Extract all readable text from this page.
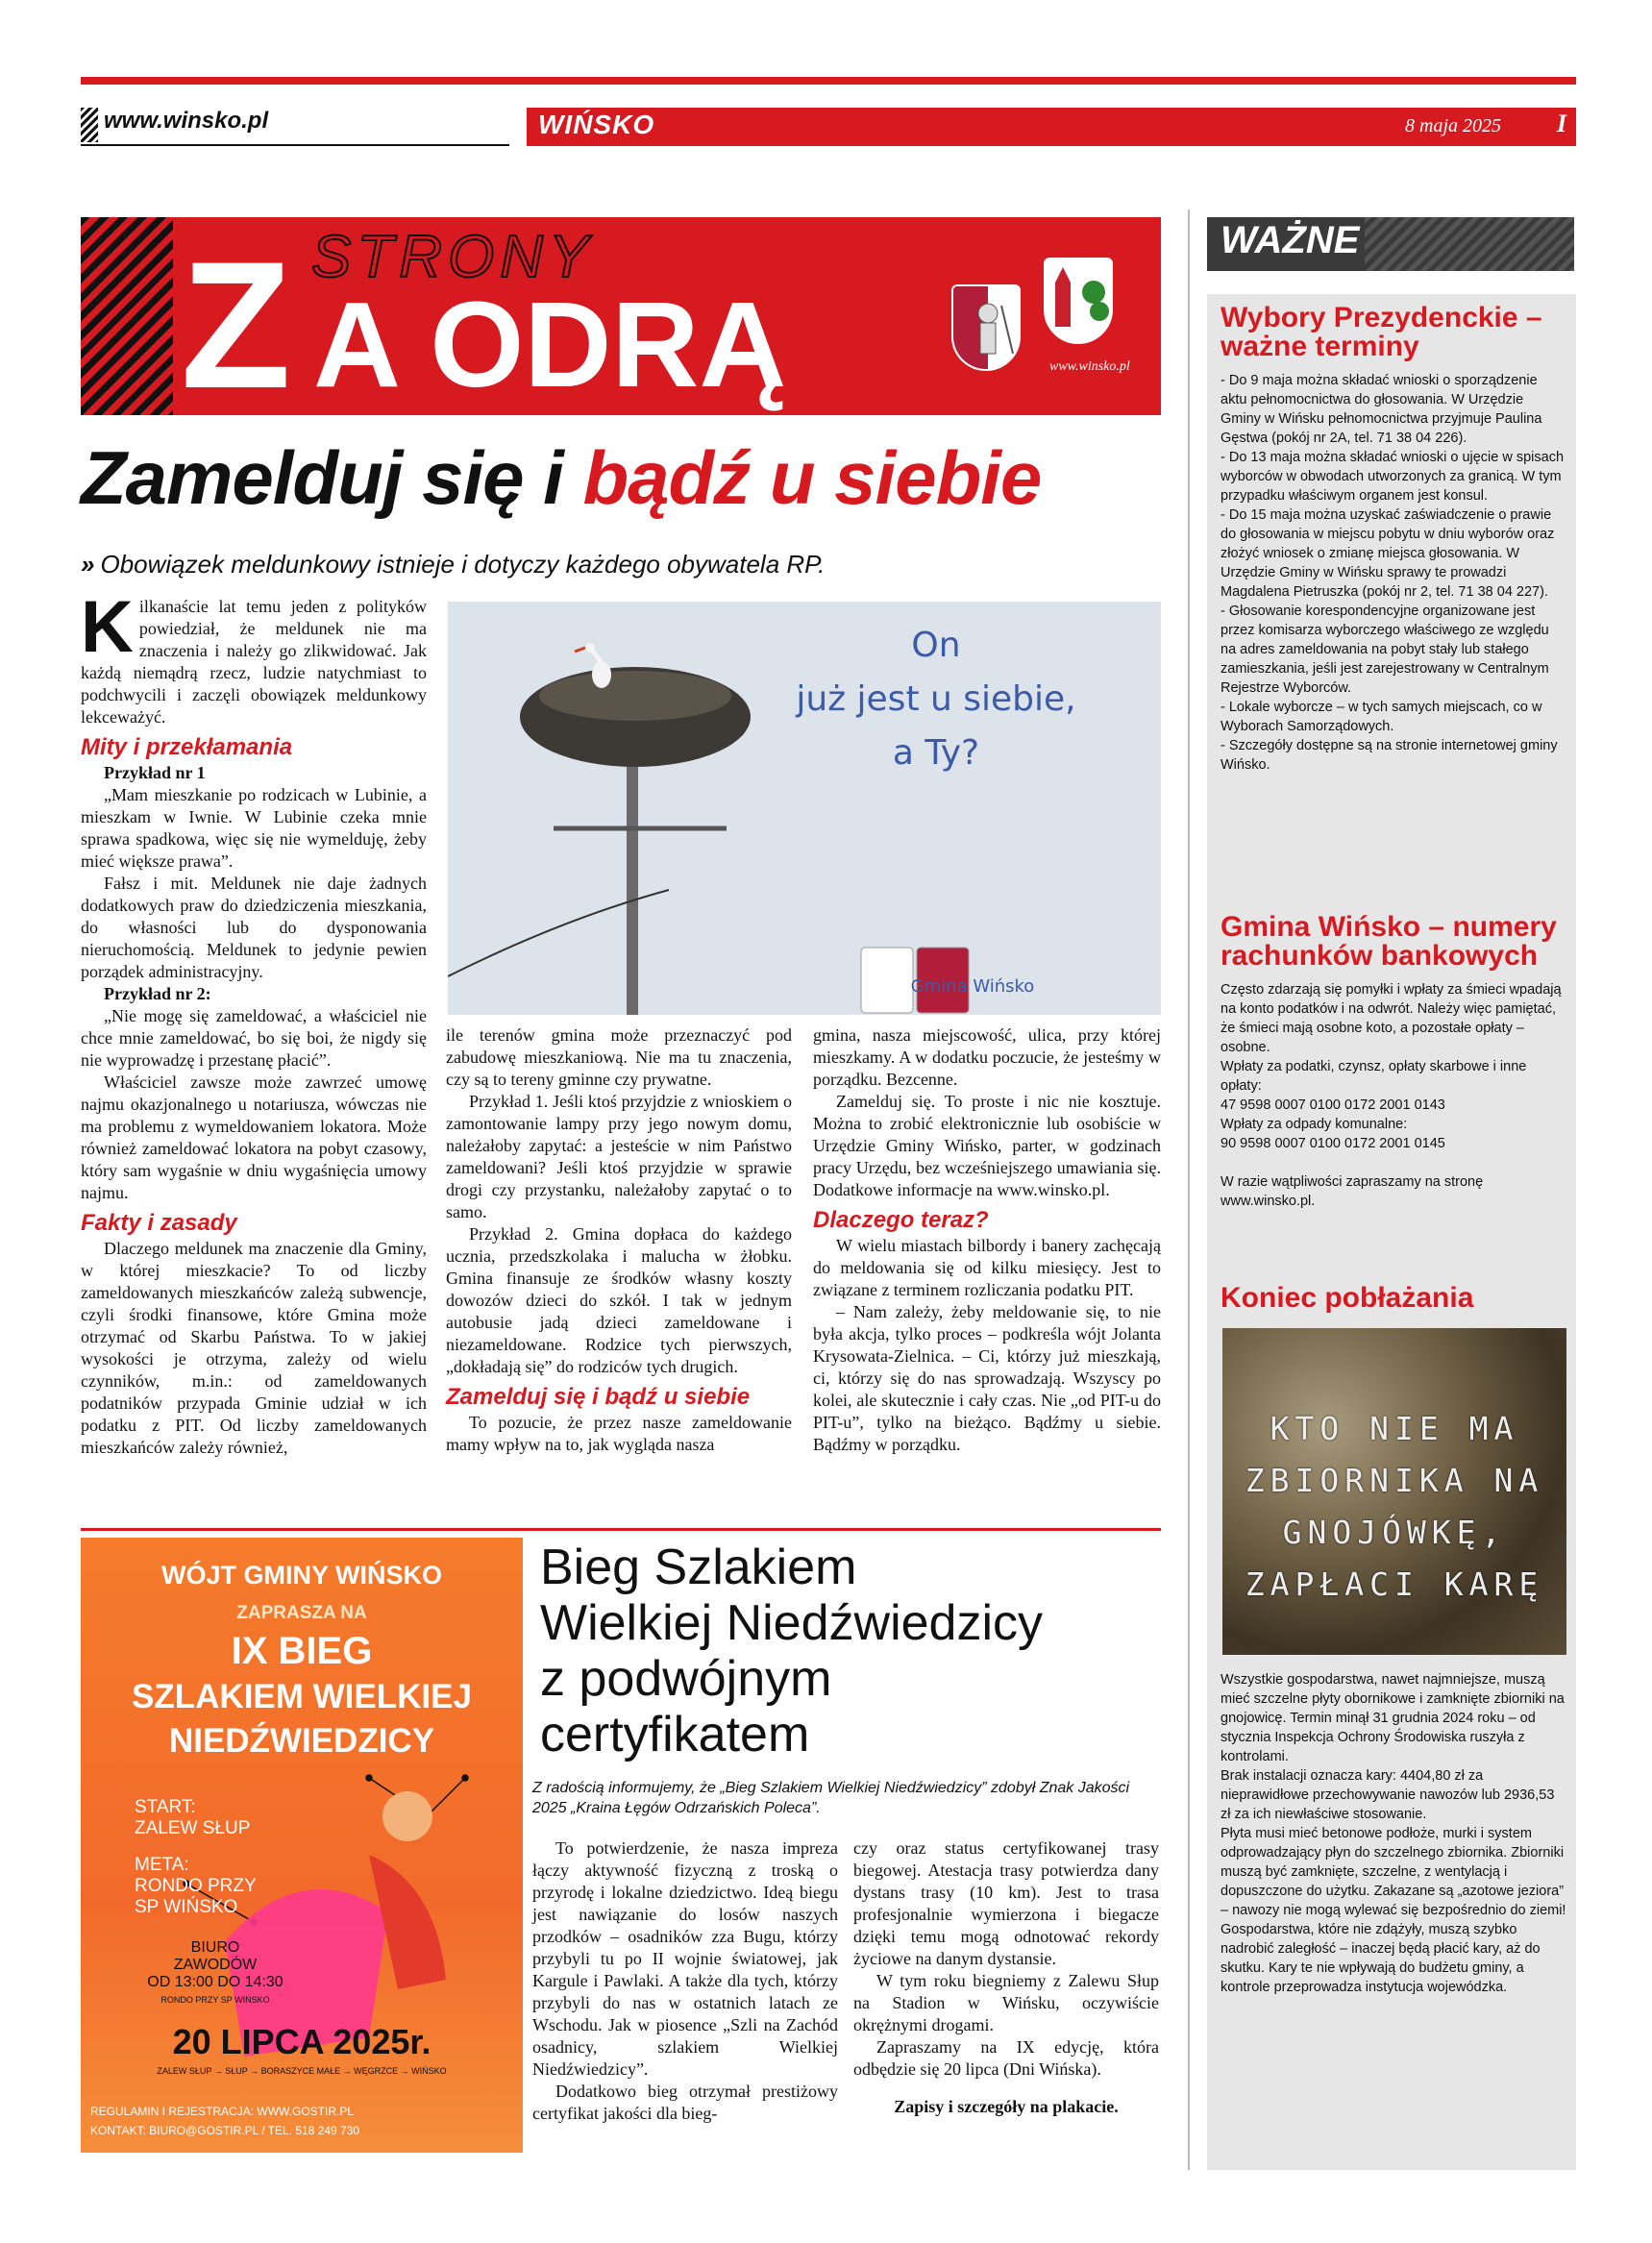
www.winsko.pl	WIŃSKO	8 maja 2025 I
Z A ODRĄ
STRONY
www.winsko.pl
Zamelduj się i bądź u siebie
» Obowiązek meldunkowy istnieje i dotyczy każdego obywatela RP.

Kilkanaście lat temu jeden z polityków powiedział, że meldunek nie ma znaczenia i należy go zlikwidować. Jak każdą niemądrą rzecz, ludzie natychmiast to podchwycili i zaczęli obowiązek meldunkowy lekceważyć.

Mity i przekłamania

Przykład nr 1

„Mam mieszkanie po rodzicach w Lubinie, a mieszkam w Iwnie. W Lubinie czeka mnie sprawa spadkowa, więc się nie wymelduję, żeby mieć większe prawa”.

Fałsz i mit. Meldunek nie daje żadnych dodatkowych praw do dziedziczenia mieszkania, do własności lub do dysponowania nieruchomością. Meldunek to jedynie pewien porządek administracyjny.

Przykład nr 2:

„Nie mogę się zameldować, a właściciel nie chce mnie zameldować, bo się boi, że nigdy się nie wyprowadzę i przestanę płacić”.

Właściciel zawsze może zawrzeć umowę najmu okazjonalnego u notariusza, wówczas nie ma problemu z wymeldowaniem lokatora. Może również zameldować lokatora na pobyt czasowy, który sam wygaśnie w dniu wygaśnięcia umowy najmu.

Fakty i zasady

Dlaczego meldunek ma znaczenie dla Gminy, w której mieszkacie? To od liczby zameldowanych mieszkańców zależą subwencje, czyli środki finansowe, które Gmina może otrzymać od Skarbu Państwa. To w jakiej wysokości je otrzyma, zależy od wielu czynników, m.in.: od zameldowanych podatników przypada Gminie udział w ich podatku z PIT. Od liczby zameldowanych mieszkańców zależy również,

On
już jest u siebie,
a Ty?
Gmina Wińsko

ile terenów gmina może przeznaczyć pod zabudowę mieszkaniową. Nie ma tu znaczenia, czy są to tereny gminne czy prywatne.

Przykład 1. Jeśli ktoś przyjdzie z wnioskiem o zamontowanie lampy przy jego nowym domu, należałoby zapytać: a jesteście w nim Państwo zameldowani? Jeśli ktoś przyjdzie w sprawie drogi czy przystanku, należałoby zapytać o to samo.

Przykład 2. Gmina dopłaca do każdego ucznia, przedszkolaka i malucha w żłobku. Gmina finansuje ze środków własny koszty dowozów dzieci do szkół. I tak w jednym autobusie jadą dzieci zameldowane i niezameldowane. Rodzice tych pierwszych, „dokładają się” do rodziców tych drugich.

Zamelduj się i bądź u siebie

To pozucie, że przez nasze zameldowanie mamy wpływ na to, jak wygląda nasza

gmina, nasza miejscowość, ulica, przy której mieszkamy. A w dodatku poczucie, że jesteśmy w porządku. Bezcenne.

Zamelduj się. To proste i nic nie kosztuje. Można to zrobić elektronicznie lub osobiście w Urzędzie Gminy Wińsko, parter, w godzinach pracy Urzędu, bez wcześniejszego umawiania się. Dodatkowe informacje na www.winsko.pl.

Dlaczego teraz?

W wielu miastach bilbordy i banery zachęcają do meldowania się od kilku miesięcy. Jest to związane z terminem rozliczania podatku PIT.

– Nam zależy, żeby meldowanie się, to nie była akcja, tylko proces – podkreśla wójt Jolanta Krysowata-Zielnica. – Ci, którzy już mieszkają, ci, którzy się do nas sprowadzają. Wszyscy po kolei, ale skutecznie i cały czas. Nie „od PIT-u do PIT-u”, tylko na bieżąco. Bądźmy u siebie. Bądźmy w porządku.

WÓJT GMINY WIŃSKO
ZAPRASZA NA
IX BIEG
SZLAKIEM WIELKIEJ
NIEDŹWIEDZICY
START:
ZALEW SŁUP
META:
RONDO PRZY
SP WIŃSKO
BIURO
ZAWODÓW
OD 13:00 DO 14:30
RONDO PRZY SP WIŃSKO
20 LIPCA 2025r.
ZALEW SŁUP → SŁUP → BORASZYCE MAŁE → WĘGRZCE → WIŃSKO
REGULAMIN I REJESTRACJA: WWW.GOSTIR.PL
KONTAKT: BIURO@GOSTIR.PL / TEL. 518 249 730
Bieg Szlakiem
Wielkiej Niedźwiedzicy
z podwójnym
certyfikatem
Z radością informujemy, że „Bieg Szlakiem Wielkiej Niedźwiedzicy” zdobył Znak Jakości 2025 „Kraina Łęgów Odrzańskich Poleca”.

To potwierdzenie, że nasza impreza łączy aktywność fizyczną z troską o przyrodę i lokalne dziedzictwo. Ideą biegu jest nawiązanie do losów naszych przodków – osadników zza Bugu, którzy przybyli tu po II wojnie światowej, jak Kargule i Pawlaki. A także dla tych, którzy przybyli do nas w ostatnich latach ze Wschodu. Jak w piosence „Szli na Zachód osadnicy, szlakiem Wielkiej Niedźwiedzicy”.

Dodatkowo bieg otrzymał prestiżowy certyfikat jakości dla bieg-

czy oraz status certyfikowanej trasy biegowej. Atestacja trasy potwierdza dany dystans trasy (10 km). Jest to trasa profesjonalnie wymierzona i biegacze dzięki temu mogą odnotować rekordy życiowe na danym dystansie.

W tym roku biegniemy z Zalewu Słup na Stadion w Wińsku, oczywiście okrężnymi drogami.

Zapraszamy na IX edycję, która odbędzie się 20 lipca (Dni Wińska).

Zapisy i szczegóły na plakacie.

WAŻNE
Wybory Prezydenckie – ważne terminy

- Do 9 maja można składać wnioski o sporządzenie aktu pełnomocnictwa do głosowania. W Urzędzie Gminy w Wińsku pełnomocnictwa przyjmuje Paulina Gęstwa (pokój nr 2A, tel. 71 38 04 226).

- Do 13 maja można składać wnioski o ujęcie w spisach wyborców w obwodach utworzonych za granicą. W tym przypadku właściwym organem jest konsul.

- Do 15 maja można uzyskać zaświadczenie o prawie do głosowania w miejscu pobytu w dniu wyborów oraz złożyć wniosek o zmianę miejsca głosowania. W Urzędzie Gminy w Wińsku sprawy te prowadzi Magdalena Pietruszka (pokój nr 2, tel. 71 38 04 227).

- Głosowanie korespondencyjne organizowane jest przez komisarza wyborczego właściwego ze względu na adres zameldowania na pobyt stały lub stałego zamieszkania, jeśli jest zarejestrowany w Centralnym Rejestrze Wyborców.

- Lokale wyborcze – w tych samych miejscach, co w Wyborach Samorządowych.

- Szczegóły dostępne są na stronie internetowej gminy Wińsko.

Gmina Wińsko – numery rachunków bankowych

Często zdarzają się pomyłki i wpłaty za śmieci wpadają na konto podatków i na odwrót. Należy więc pamiętać, że śmieci mają osobne koto, a pozostałe opłaty – osobne.

Wpłaty za podatki, czynsz, opłaty skarbowe i inne opłaty:

47 9598 0007 0100 0172 2001 0143

Wpłaty za odpady komunalne:

90 9598 0007 0100 0172 2001 0145

W razie wątpliwości zapraszamy na stronę www.winsko.pl.

Koniec pobłażania
KTO NIE MA ZBIORNIKA NA GNOJÓWKĘ, ZAPŁACI KARĘ

Wszystkie gospodarstwa, nawet najmniejsze, muszą mieć szczelne płyty obornikowe i zamknięte zbiorniki na gnojowicę. Termin minął 31 grudnia 2024 roku – od stycznia Inspekcja Ochrony Środowiska ruszyła z kontrolami.

Brak instalacji oznacza kary: 4404,80 zł za nieprawidłowe przechowywanie nawozów lub 2936,53 zł za ich niewłaściwe stosowanie.

Płyta musi mieć betonowe podłoże, murki i system odprowadzający płyn do szczelnego zbiornika. Zbiorniki muszą być zamknięte, szczelne, z wentylacją i dopuszczone do użytku. Zakazane są „azotowe jeziora” – nawozy nie mogą wylewać się bezpośrednio do ziemi!

Gospodarstwa, które nie zdążyły, muszą szybko nadrobić zaległość – inaczej będą płacić kary, aż do skutku. Kary te nie wpływają do budżetu gminy, a kontrole przeprowadza instytucja wojewódzka.
